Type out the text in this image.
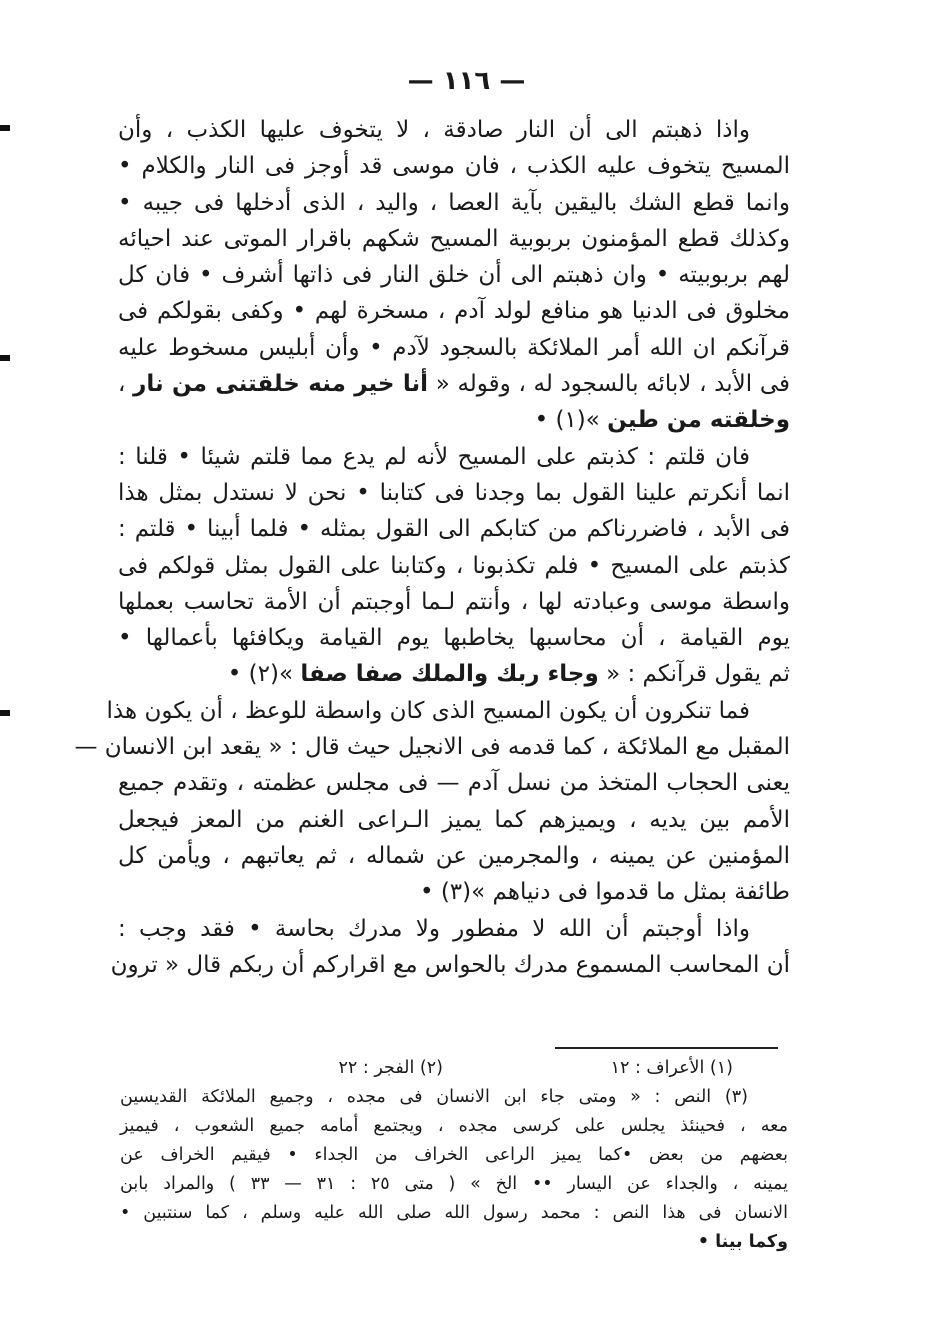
— ١١٦ —
واذا ذهبتم الى أن النار صادقة ، لا يتخوف عليها الكذب ، وأن
المسيح يتخوف عليه الكذب ، فان موسى قد أوجز فى النار والكلام •
وانما قطع الشك باليقين بآية العصا ، واليد ، الذى أدخلها فى جيبه •
وكذلك قطع المؤمنون بربوبية المسيح شكهم باقرار الموتى عند احيائه
لهم بربوبيته • وان ذهبتم الى أن خلق النار فى ذاتها أشرف • فان كل
مخلوق فى الدنيا هو منافع لولد آدم ، مسخرة لهم • وكفى بقولكم فى
قرآنكم ان الله أمر الملائكة بالسجود لآدم • وأن أبليس مسخوط عليه
فى الأبد ، لابائه بالسجود له ، وقوله « أنا خير منه خلقتنى من نار ،
وخلقته من طين »(١) •
فان قلتم : كذبتم على المسيح لأنه لم يدع مما قلتم شيئا • قلنا :
انما أنكرتم علينا القول بما وجدنا فى كتابنا • نحن لا نستدل بمثل هذا
فى الأبد ، فاضررناكم من كتابكم الى القول بمثله • فلما أبينا • قلتم :
كذبتم على المسيح • فلم تكذبونا ، وكتابنا على القول بمثل قولكم فى
واسطة موسى وعبادته لها ، وأنتم لـما أوجبتم أن الأمة تحاسب بعملها
يوم القيامة ، أن محاسبها يخاطبها يوم القيامة ويكافئها بأعمالها •
ثم يقول قرآنكم : « وجاء ربك والملك صفا صفا »(٢) •
فما تنكرون أن يكون المسيح الذى كان واسطة للوعظ ، أن يكون هذا
المقبل مع الملائكة ، كما قدمه فى الانجيل حيث قال : « يقعد ابن الانسان —
يعنى الحجاب المتخذ من نسل آدم — فى مجلس عظمته ، وتقدم جميع
الأمم بين يديه ، ويميزهم كما يميز الـراعى الغنم من المعز فيجعل
المؤمنين عن يمينه ، والمجرمين عن شماله ، ثم يعاتبهم ، ويأمن كل
طائفة بمثل ما قدموا فى دنياهم »(٣) •
واذا أوجبتم أن الله لا مفطور ولا مدرك بحاسة • فقد وجب :
أن المحاسب المسموع مدرك بالحواس مع اقراركم أن ربكم قال « ترون
(١) الأعراف : ١٢
(٢) الفجر : ٢٢
(٣) النص : « ومتى جاء ابن الانسان فى مجده ، وجميع الملائكة القديسين
معه ، فحينئذ يجلس على كرسى مجده ، ويجتمع أمامه جميع الشعوب ، فيميز
بعضهم من بعض •كما يميز الراعى الخراف من الجداء • فيقيم الخراف عن
يمينه ، والجداء عن اليسار •• الخ » ( متى ٢٥ : ٣١ — ٣٣ ) والمراد بابن
الانسان فى هذا النص : محمد رسول الله صلى الله عليه وسلم ، كما سنتبين •
وكما بينا •
